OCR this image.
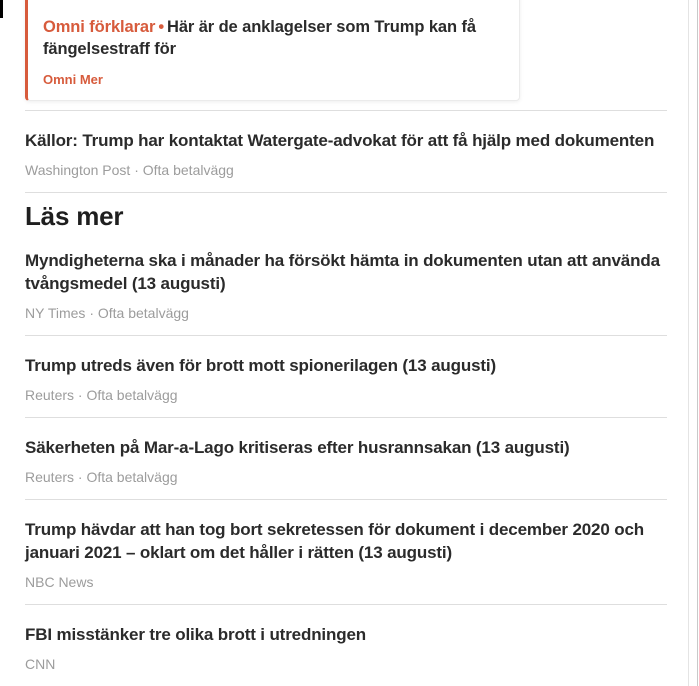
Omni förklarar • Här är de anklagelser som Trump kan få fängelsestraff för

Omni Mer
Källor: Trump har kontaktat Watergate-advokat för att få hjälp med dokumenten

Washington Post · Ofta betalvägg

Läs mer
Myndigheterna ska i månader ha försökt hämta in dokumenten utan att använda tvångsmedel (13 augusti)

NY Times · Ofta betalvägg

Trump utreds även för brott mott spionerilagen (13 augusti)

Reuters · Ofta betalvägg

Säkerheten på Mar-a-Lago kritiseras efter husrannsakan (13 augusti)

Reuters · Ofta betalvägg

Trump hävdar att han tog bort sekretessen för dokument i december 2020 och januari 2021 – oklart om det håller i rätten (13 augusti)

NBC News

FBI misstänker tre olika brott i utredningen

CNN
